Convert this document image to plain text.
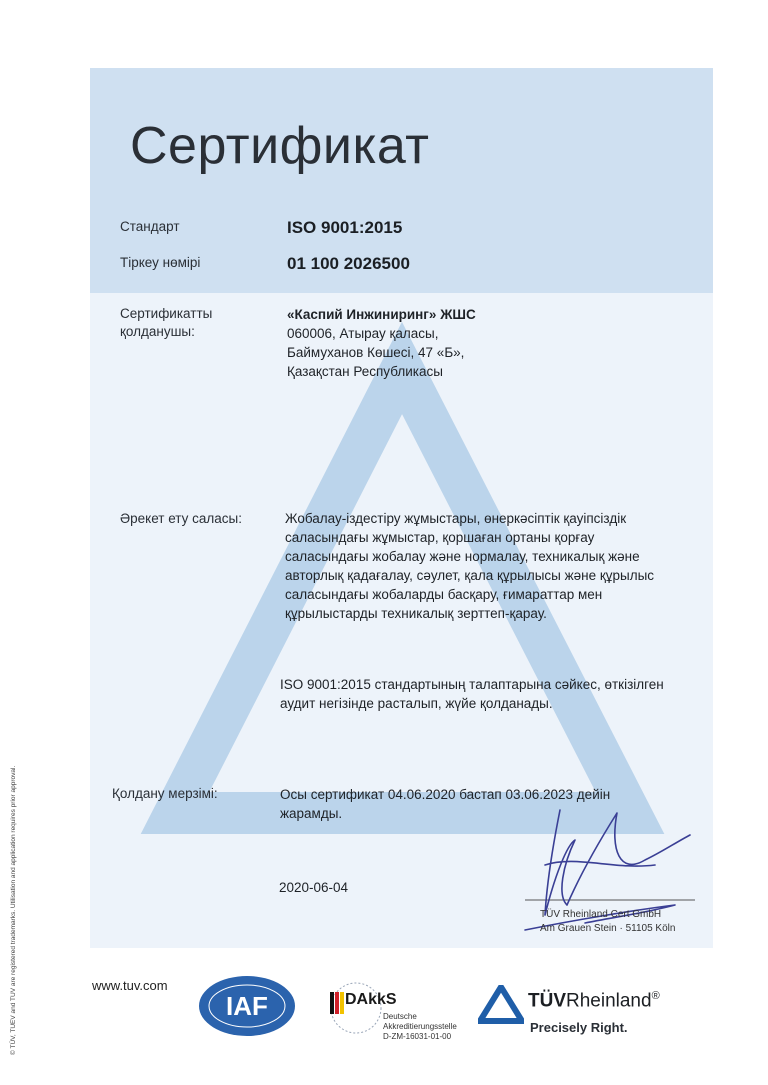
© TÜV, TUEV and TUV are registered trademarks. Utilisation and application requires prior approval.
Сертификат
Стандарт	ISO 9001:2015
Тіркеу нөмірі	01 100 2026500
Сертификатты
қолданушы:
«Каспий Инжиниринг» ЖШС
060006, Атырау қаласы,
Баймуханов Көшесі, 47 «Б»,
Қазақстан Республикасы
Әрекет ету саласы:	Жобалау-іздестіру жұмыстары, өнеркәсіптік қауіпсіздік
саласындағы жұмыстар, қоршаған ортаны қорғау
саласындағы жобалау және нормалау, техникалық және
авторлық қадағалау, сәулет, қала құрылысы және құрылыс
саласындағы жобаларды басқару, ғимараттар мен
құрылыстарды техникалық зерттеп-қарау.
ISO 9001:2015 стандартының талаптарына сәйкес, өткізілген
аудит негізінде расталып, жүйе қолданады.
Қолдану мерзімі:	Осы сертификат 04.06.2020 бастап 03.06.2023 дейін
жарамды.
2020-06-04
TÜV Rheinland Cert GmbH
Am Grauen Stein · 51105 Köln
www.tuv.com
IAF	DAkkS
Deutsche
Akkreditierungsstelle
D-ZM-16031-01-00
TÜVRheinland®
Precisely Right.
